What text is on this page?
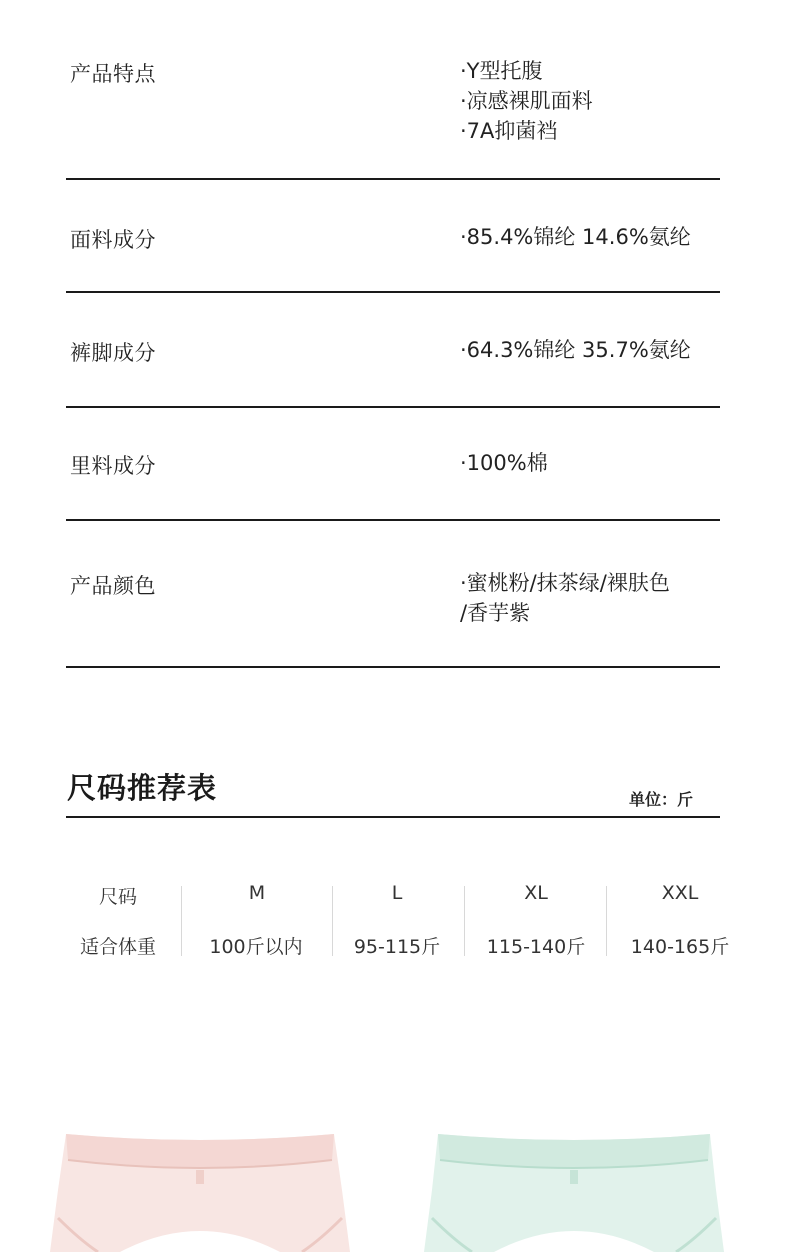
产品特点	·Y型托腹
·凉感裸肌面料
·7A抑菌裆
面料成分	·85.4%锦纶 14.6%氨纶
裤脚成分	·64.3%锦纶 35.7%氨纶
里料成分	·100%棉
产品颜色	·蜜桃粉/抹茶绿/裸肤色
/香芋紫
尺码推荐表	单位：斤
尺码	M	L	XL	XXL
适合体重	100斤以内	95-115斤 115-140斤 140-165斤
